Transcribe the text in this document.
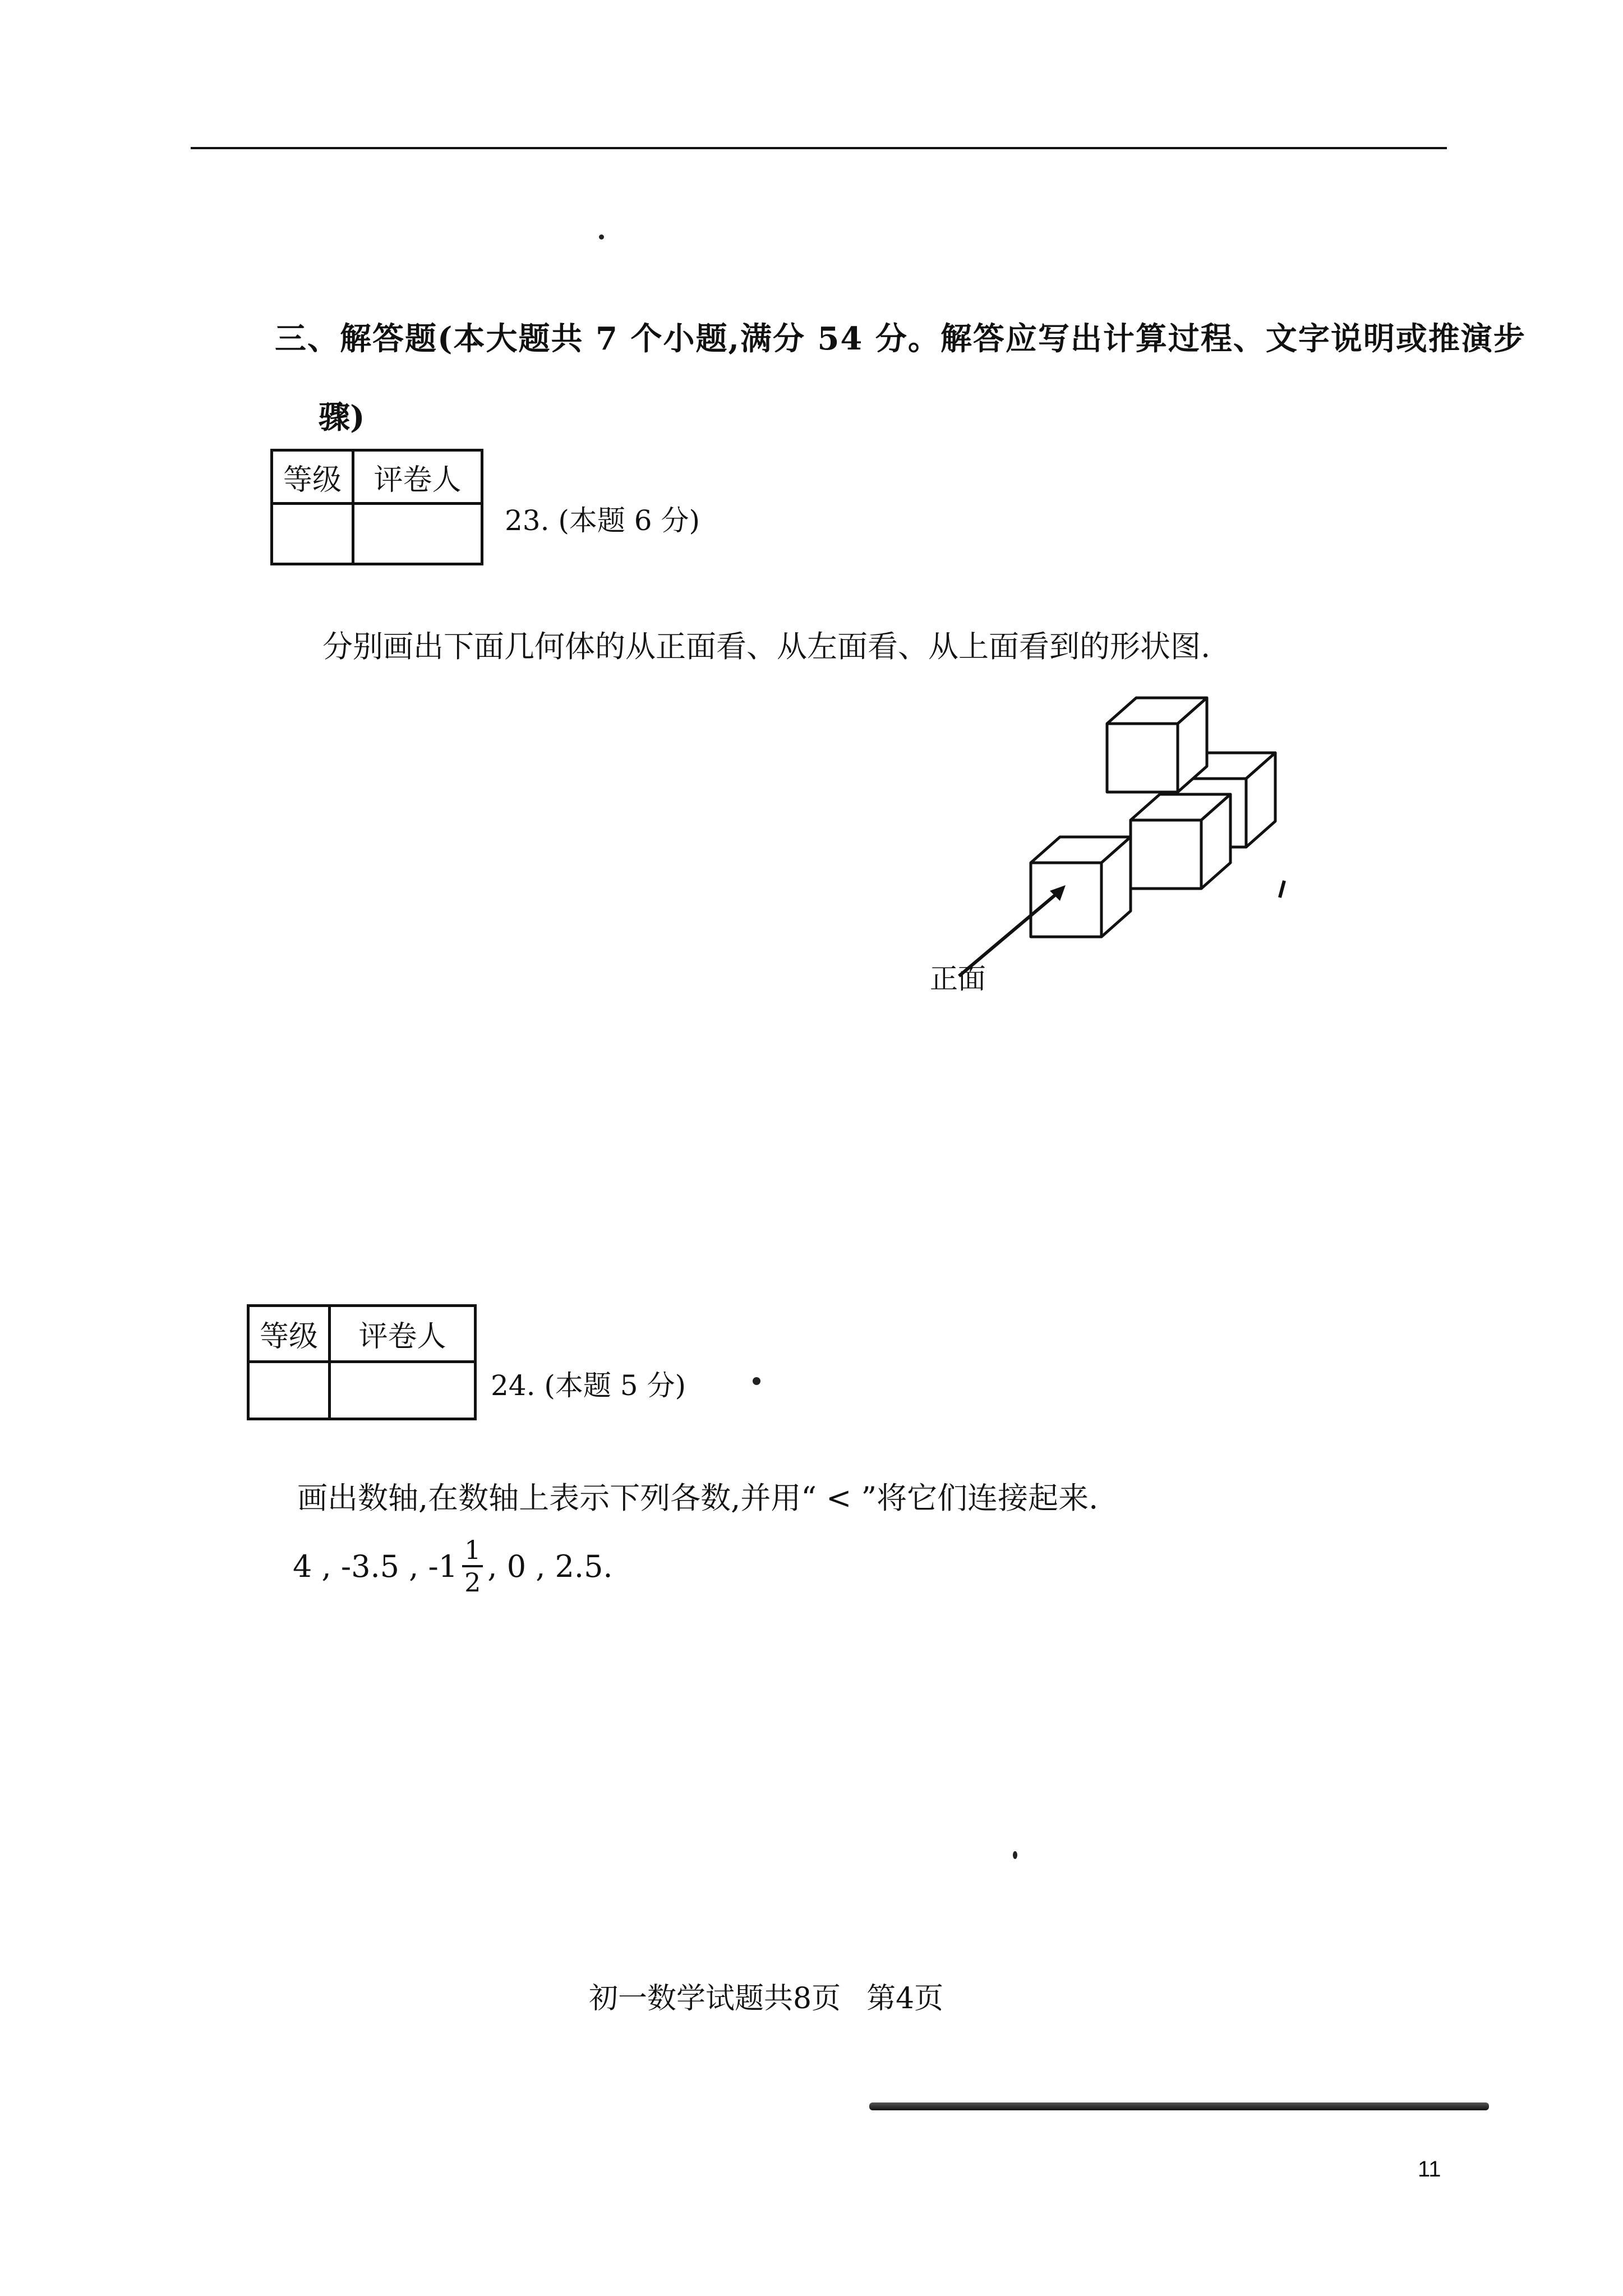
三、解答题(本大题共 7 个小题,满分 54 分。解答应写出计算过程、文字说明或推演步
骤)
等级	评卷人

23. (本题 6 分)
分别画出下面几何体的从正面看、从左面看、从上面看到的形状图.
正面
等级	评卷人

24. (本题 5 分)
画出数轴,在数轴上表示下列各数,并用“ < ”将它们连接起来.
4 , -3.5 , $-1 \frac{1}{2}$ , 0 , 2.5.
初一数学试题共8页 第4页
11
